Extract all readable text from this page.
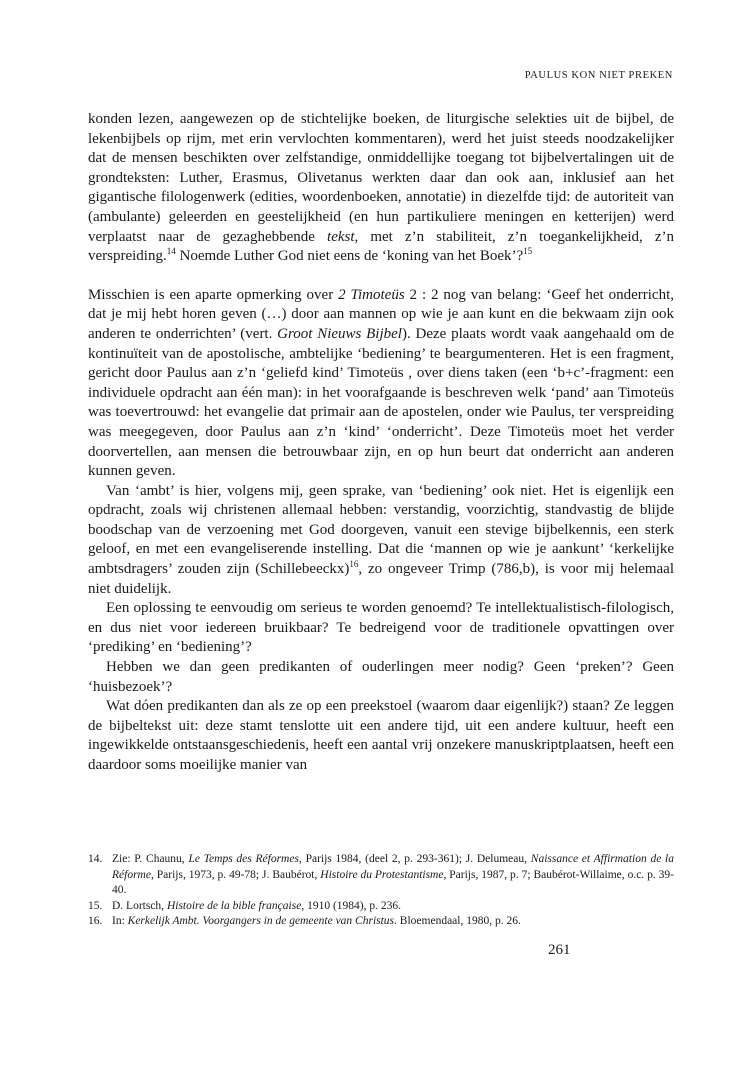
PAULUS KON NIET PREKEN

konden lezen, aangewezen op de stichtelijke boeken, de liturgische selekties uit de bijbel, de lekenbijbels op rijm, met erin vervlochten kommentaren), werd het juist steeds noodzakelijker dat de mensen beschikten over zelfstandige, onmiddellijke toegang tot bijbelvertalingen uit de grondteksten: Luther, Erasmus, Olivetanus werkten daar dan ook aan, inklusief aan het gigantische filologenwerk (edities, woordenboeken, annotatie) in diezelfde tijd: de autoriteit van (ambulante) geleerden en geestelijkheid (en hun partikuliere meningen en ketterijen) werd verplaatst naar de gezaghebbende tekst, met z’n stabiliteit, z’n toegankelijkheid, z’n verspreiding.$^{14}$ Noemde Luther God niet eens de ‘koning van het Boek’?$^{15}$

Misschien is een aparte opmerking over 2 Timoteüs 2 : 2 nog van belang: ‘Geef het onderricht, dat je mij hebt horen geven (…) door aan mannen op wie je aan kunt en die bekwaam zijn ook anderen te onderrichten’ (vert. Groot Nieuws Bijbel). Deze plaats wordt vaak aangehaald om de kontinuïteit van de apostolische, ambtelijke ‘bediening’ te beargumenteren. Het is een fragment, gericht door Paulus aan z’n ‘geliefd kind’ Timoteüs , over diens taken (een ‘b+c’-fragment: een individuele opdracht aan één man): in het voorafgaande is beschreven welk ‘pand’ aan Timoteüs was toevertrouwd: het evangelie dat primair aan de apostelen, onder wie Paulus, ter verspreiding was meegegeven, door Paulus aan z’n ‘kind’ ‘onderricht’. Deze Timoteüs moet het verder doorvertellen, aan mensen die betrouwbaar zijn, en op hun beurt dat onderricht aan anderen kunnen geven.

Van ‘ambt’ is hier, volgens mij, geen sprake, van ‘bediening’ ook niet. Het is eigenlijk een opdracht, zoals wij christenen allemaal hebben: verstandig, voorzichtig, standvastig de blijde boodschap van de verzoening met God doorgeven, vanuit een stevige bijbelkennis, een sterk geloof, en met een evangeliserende instelling. Dat die ‘mannen op wie je aankunt’ ‘kerkelijke ambtsdragers’ zouden zijn (Schillebeeckx)$^{16}$, zo ongeveer Trimp (786,b), is voor mij helemaal niet duidelijk.

Een oplossing te eenvoudig om serieus te worden genoemd? Te intellektualistisch-filologisch, en dus niet voor iedereen bruikbaar? Te bedreigend voor de traditionele opvattingen over ‘prediking’ en ‘bediening’?

Hebben we dan geen predikanten of ouderlingen meer nodig? Geen ‘preken’? Geen ‘huisbezoek’?

Wat dóen predikanten dan als ze op een preekstoel (waarom daar eigenlijk?) staan? Ze leggen de bijbeltekst uit: deze stamt tenslotte uit een andere tijd, uit een andere kultuur, heeft een ingewikkelde ontstaansgeschiedenis, heeft een aantal vrij onzekere manuskriptplaatsen, heeft een daardoor soms moeilijke manier van

14. Zie: P. Chaunu, Le Temps des Réformes, Parijs 1984, (deel 2, p. 293-361); J. Delumeau, Naissance et Affirmation de la Réforme, Parijs, 1973, p. 49-78; J. Baubérot, Histoire du Protestantisme, Parijs, 1987, p. 7; Baubérot-Willaime, o.c. p. 39-40.
15. D. Lortsch, Histoire de la bible française, 1910 (1984), p. 236.
16. In: Kerkelijk Ambt. Voorgangers in de gemeente van Christus. Bloemendaal, 1980, p. 26.
261
